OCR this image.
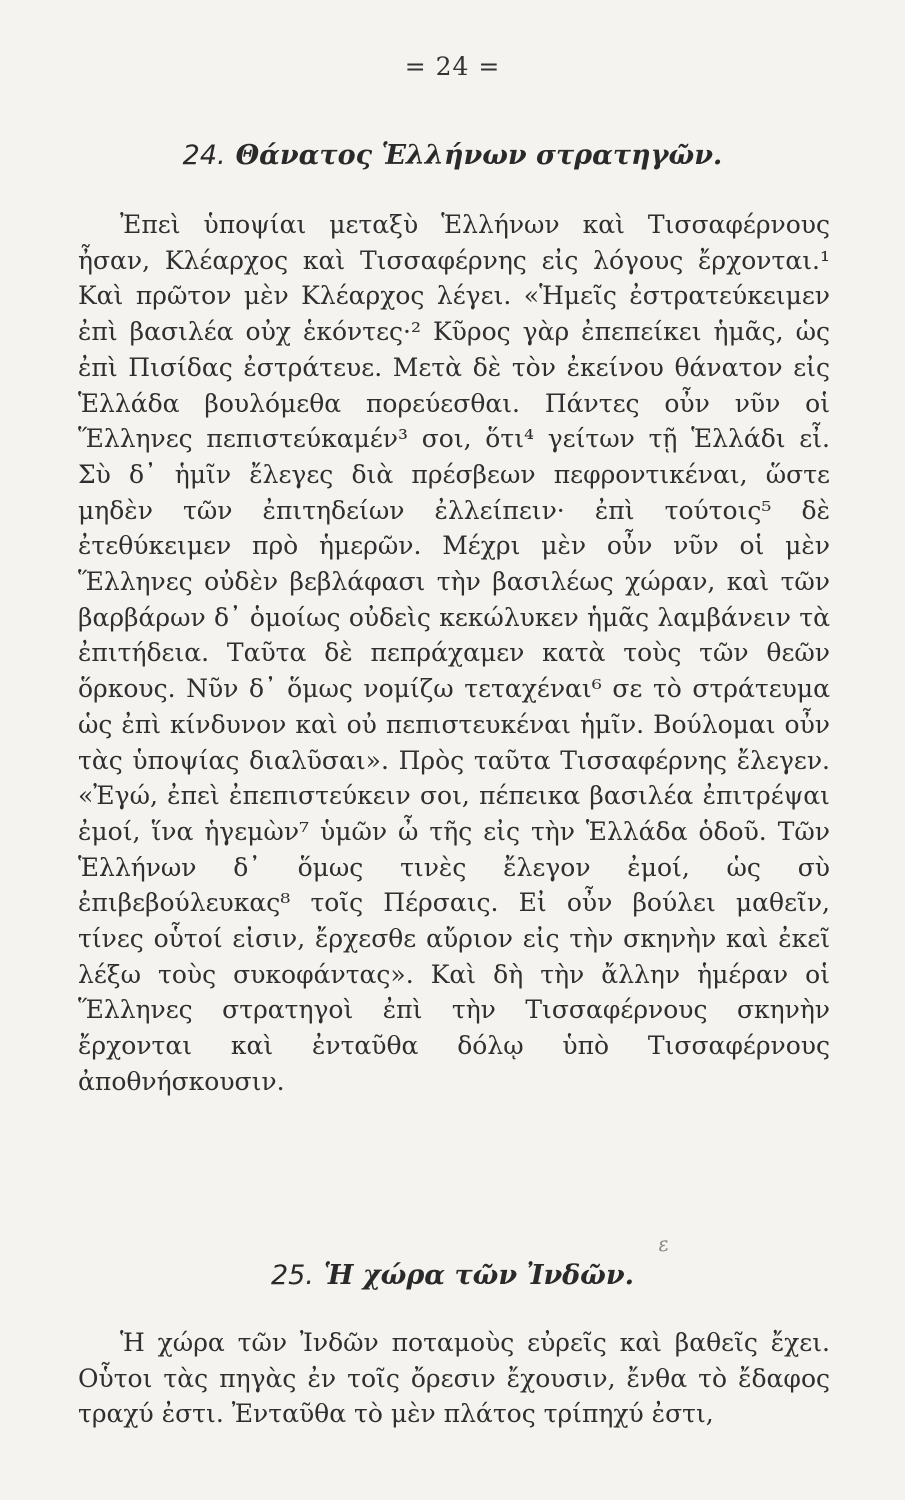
= 24 =
24. Θάνατος Ἑλλήνων στρατηγῶν.

Ἐπεὶ ὑποψίαι μεταξὺ Ἑλλήνων καὶ Τισσαφέρνους ἦσαν, Κλέαρχος καὶ Τισσαφέρνης εἰς λόγους ἔρχονται.¹ Καὶ πρῶτον μὲν Κλέαρχος λέγει. «Ἡμεῖς ἐστρατεύκειμεν ἐπὶ βασιλέα οὐχ ἑκόντες·² Κῦρος γὰρ ἐπεπείκει ἡμᾶς, ὡς ἐπὶ Πισίδας ἐστράτευε. Μετὰ δὲ τὸν ἐκείνου θάνατον εἰς Ἑλλάδα βουλόμεθα πορεύεσθαι. Πάντες οὖν νῦν οἱ Ἕλληνες πεπιστεύκαμέν³ σοι, ὅτι⁴ γείτων τῇ Ἑλλάδι εἶ. Σὺ δ᾽ ἡμῖν ἔλεγες διὰ πρέσβεων πεφροντικέναι, ὥστε μηδὲν τῶν ἐπιτηδείων ἐλλείπειν· ἐπὶ τούτοις⁵ δὲ ἐτεθύκειμεν πρὸ ἡμερῶν. Μέχρι μὲν οὖν νῦν οἱ μὲν Ἕλληνες οὐδὲν βεβλάφασι τὴν βασιλέως χώραν, καὶ τῶν βαρβάρων δ᾽ ὁμοίως οὐδεὶς κεκώλυκεν ἡμᾶς λαμβάνειν τὰ ἐπιτήδεια. Ταῦτα δὲ πεπράχαμεν κατὰ τοὺς τῶν θεῶν ὅρκους. Νῦν δ᾽ ὅμως νομίζω τεταχέναι⁶ σε τὸ στράτευμα ὡς ἐπὶ κίνδυνον καὶ οὐ πεπιστευκέναι ἡμῖν. Βούλομαι οὖν τὰς ὑποψίας διαλῦσαι». Πρὸς ταῦτα Τισσαφέρνης ἔλεγεν. «Ἐγώ, ἐπεὶ ἐπεπιστεύκειν σοι, πέπεικα βασιλέα ἐπιτρέψαι ἐμοί, ἵνα ἡγεμὼν⁷ ὑμῶν ὦ τῆς εἰς τὴν Ἑλλάδα ὁδοῦ. Τῶν Ἑλλήνων δ᾽ ὅμως τινὲς ἔλεγον ἐμοί, ὡς σὺ ἐπιβεβούλευκας⁸ τοῖς Πέρσαις. Εἰ οὖν βούλει μαθεῖν, τίνες οὗτοί εἰσιν, ἔρχεσθε αὔριον εἰς τὴν σκηνὴν καὶ ἐκεῖ λέξω τοὺς συκοφάντας». Καὶ δὴ τὴν ἄλλην ἡμέραν οἱ Ἕλληνες στρατηγοὶ ἐπὶ τὴν Τισσαφέρνους σκηνὴν ἔρχονται καὶ ἐνταῦθα δόλῳ ὑπὸ Τισσαφέρνους ἀποθνήσκουσιν.

25. Ἡ χώρα τῶν Ἰνδῶν.
ε

Ἡ χώρα τῶν Ἰνδῶν ποταμοὺς εὐρεῖς καὶ βαθεῖς ἔχει. Οὗτοι τὰς πηγὰς ἐν τοῖς ὄρεσιν ἔχουσιν, ἔνθα τὸ ἔδαφος τραχύ ἐστι. Ἐνταῦθα τὸ μὲν πλάτος τρίπηχύ ἐστι,
